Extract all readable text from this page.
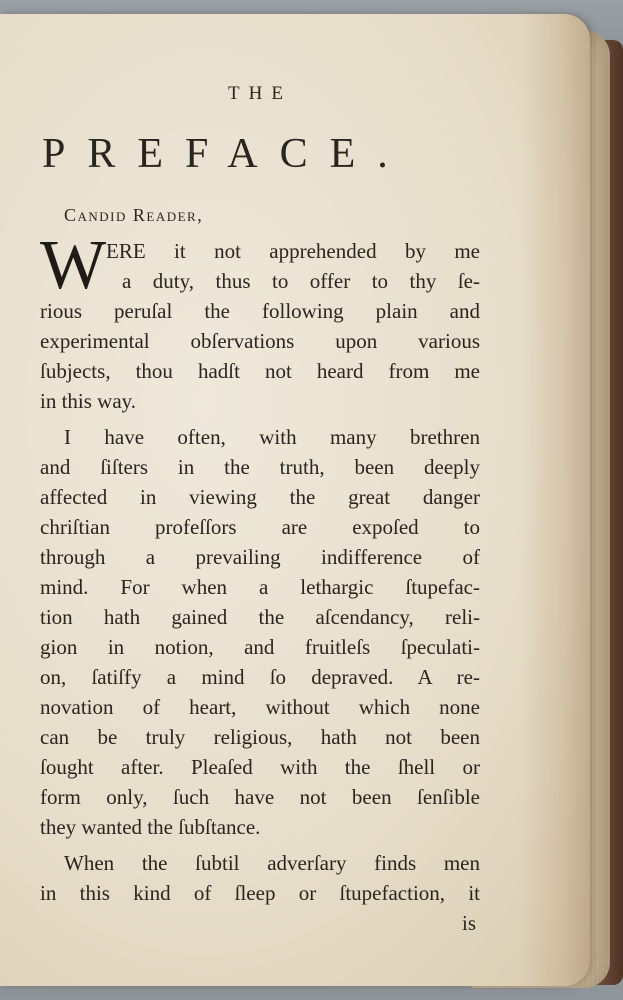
THE
PREFACE.
Candid Reader,
W ERE it not apprehended by me
a duty, thus to offer to thy ſe-
rious peruſal the following plain and
experimental obſervations upon various
ſubjects, thou hadſt not heard from me
in this way.
I have often, with many brethren
and ſiſters in the truth, been deeply
affected in viewing the great danger
chriſtian profeſſors are expoſed to
through a prevailing indifference of
mind. For when a lethargic ſtupefac-
tion hath gained the aſcendancy, reli-
gion in notion, and fruitleſs ſpeculati-
on, ſatiſfy a mind ſo depraved. A re-
novation of heart, without which none
can be truly religious, hath not been
ſought after. Pleaſed with the ſhell or
form only, ſuch have not been ſenſible
they wanted the ſubſtance.
When the ſubtil adverſary finds men
in this kind of ſleep or ſtupefaction, it
is
